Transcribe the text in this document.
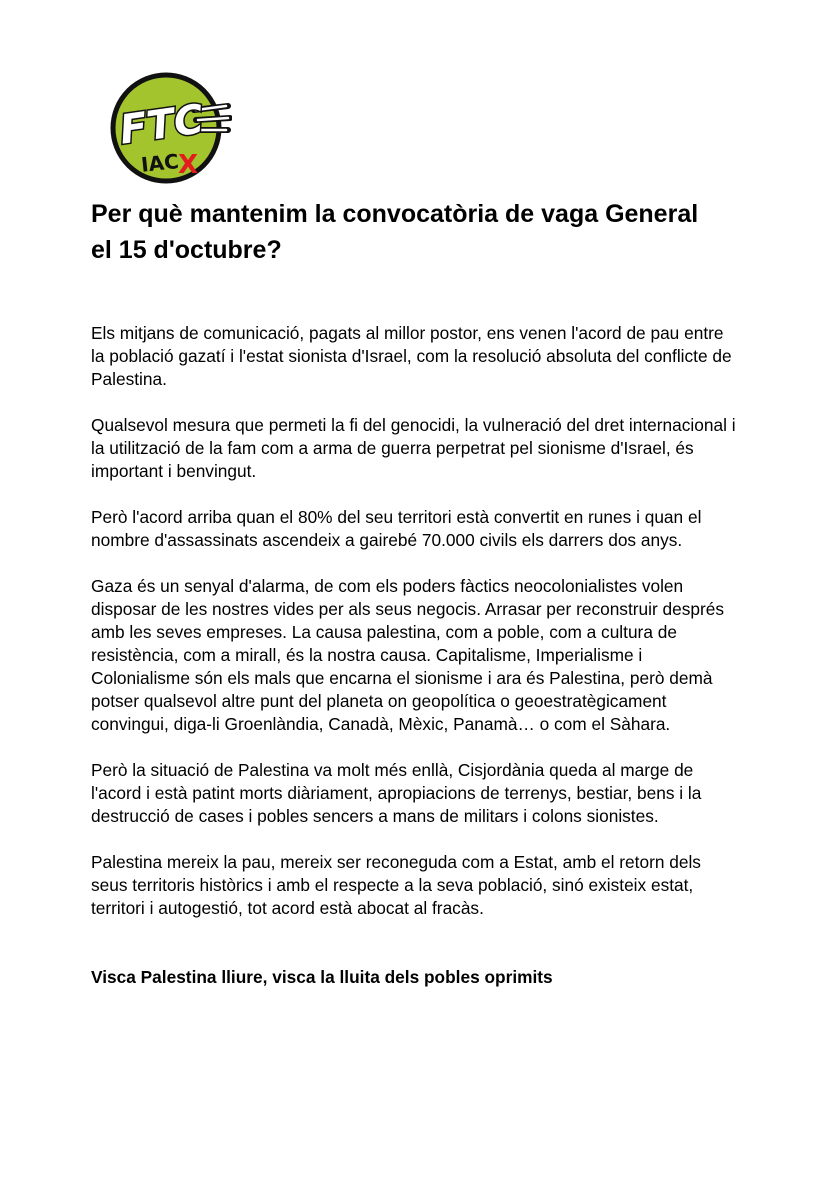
FTC
IAC
X
Per què mantenim la convocatòria de vaga General
el 15 d'octubre?

Els mitjans de comunicació, pagats al millor postor, ens venen l'acord de pau entre
la població gazatí i l'estat sionista d'Israel, com la resolució absoluta del conflicte de
Palestina.

Qualsevol mesura que permeti la fi del genocidi, la vulneració del dret internacional i
la utilització de la fam com a arma de guerra perpetrat pel sionisme d'Israel, és
important i benvingut.

Però l'acord arriba quan el 80% del seu territori està convertit en runes i quan el
nombre d'assassinats ascendeix a gairebé 70.000 civils els darrers dos anys.

Gaza és un senyal d'alarma, de com els poders fàctics neocolonialistes volen
disposar de les nostres vides per als seus negocis. Arrasar per reconstruir després
amb les seves empreses. La causa palestina, com a poble, com a cultura de
resistència, com a mirall, és la nostra causa. Capitalisme, Imperialisme i
Colonialisme són els mals que encarna el sionisme i ara és Palestina, però demà
potser qualsevol altre punt del planeta on geopolítica o geoestratègicament
convingui, diga-li Groenlàndia, Canadà, Mèxic, Panamà… o com el Sàhara.

Però la situació de Palestina va molt més enllà, Cisjordània queda al marge de
l'acord i està patint morts diàriament, apropiacions de terrenys, bestiar, bens i la
destrucció de cases i pobles sencers a mans de militars i colons sionistes.

Palestina mereix la pau, mereix ser reconeguda com a Estat, amb el retorn dels
seus territoris històrics i amb el respecte a la seva població, sinó existeix estat,
territori i autogestió, tot acord està abocat al fracàs.

Visca Palestina lliure, visca la lluita dels pobles oprimits
